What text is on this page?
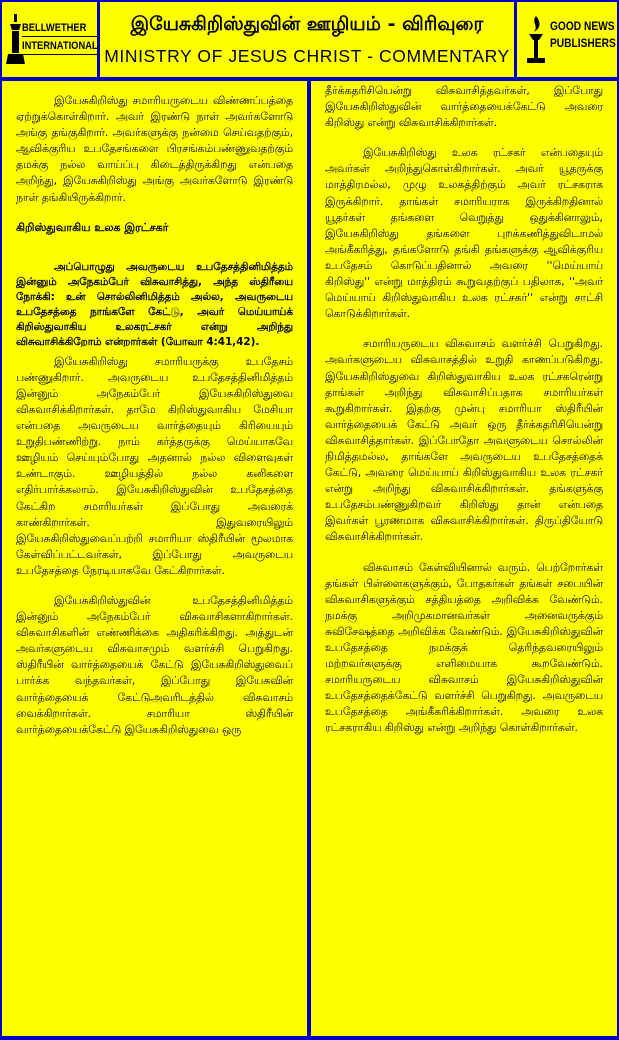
BELLWETHER
INTERNATIONAL
இயேசுகிறிஸ்துவின் ஊழியம் - விரிவுரை
MINISTRY OF JESUS CHRIST - COMMENTARY
GOOD NEWS
PUBLISHERS

இயேசுகிறிஸ்து சமாரியருடைய விண்ணப்பத்தை ஏற்றுக்கொள்கிறார். அவர் இரண்டு நாள் அவர்களோடு அங்கு தங்குகிறார். அவர்களுக்கு நன்மை செய்வதற்கும், ஆவிக்குரிய உபதேசங்களை பிரசங்கம்பண்ணுவதற்கும் தமக்கு நல்ல வாய்ப்பு கிடைத்திருக்கிறது என்பதை அறிந்து, இயேசுகிறிஸ்து அங்கு அவர்களோடு இரண்டு நாள் தங்கியிருக்கிறார்.

கிறிஸ்துவாகிய உலக இரட்சகர்

அப்பொழுது அவருடைய உபதேசத்தினிமித்தம் இன்னும் அநேகம்பேர் விசுவாசித்து, அந்த ஸ்திரீயை நோக்கி: உன் சொல்லினிமித்தம் அல்ல, அவருடைய உபதேசத்தை நாங்களே கேட்டு, அவர் மெய்யாய்க் கிறிஸ்துவாகிய உலகரட்சகர் என்று அறிந்து விசுவாசிக்கிறோம் என்றார்கள் (யோவா 4:41,42).

இயேசுகிறிஸ்து சமாரியருக்கு உபதேசம் பண்ணுகிறார். அவருடைய உபதேசத்தினிமித்தம் இன்னும் அநேகம்பேர் இயேசுகிறிஸ்துவை விசுவாசிக்கிறார்கள். தாமே கிறிஸ்துவாகிய மேசியா என்பதை அவருடைய வார்த்தையும் கிரியையும் உறுதிபண்ணிற்று. நாம் கர்த்தருக்கு மெய்யாகவே ஊழியம் செய்யும்போது அதனால் நல்ல விளைவுகள் உண்டாகும். ஊழியத்தில் நல்ல கனிகளை எதிர்பார்க்கலாம். இயேசுகிறிஸ்துவின் உபதேசத்தை கேட்கிற சமாரியர்கள் இப்போது அவரைக் காண்கிறார்கள். இதுவரையிலும் இயேசுகிறிஸ்துவைப்பற்றி சமாரியா ஸ்திரீயின் மூலமாக கேள்விப்பட்டவர்கள், இப்போது அவருடைய உபதேசத்தை நேரடியாகவே கேட்கிறார்கள்.

இயேசுகிறிஸ்துவின் உபதேசத்தினிமித்தம் இன்னும் அநேகம்பேர் விசுவாசிகளாகிறார்கள். விசுவாசிகளின் எண்ணிக்கை அதிகரிக்கிறது. அத்துடன் அவர்களுடைய விசுவாசமும் வளர்ச்சி பெறுகிறது. ஸ்திரீயின் வார்த்தையைக் கேட்டு இயேசுகிறிஸ்துவைப் பார்க்க வந்தவர்கள், இப்போது இயேசுவின் வார்த்தையைக் கேட்டுஅவரிடத்தில் விசுவாசம் வைக்கிறார்கள். சமாரியா ஸ்திரீயின் வார்த்தையைக்கேட்டு இயேசுகிறிஸ்துவை ஒரு

தீர்க்கதரிசியென்று விசுவாசித்தவர்கள், இப்போது இயேசுகிறிஸ்துவின் வார்த்தையைக்கேட்டு அவரை கிறிஸ்து என்று விசுவாசிக்கிறார்கள்.

இயேசுகிறிஸ்து உலக ரட்சகர் என்பதையும் அவர்கள் அறிந்துகொள்கிறார்கள். அவர் யூதருக்கு மாத்திரமல்ல, முழு உலகத்திற்கும் அவர் ரட்சகராக இருக்கிறார். தாங்கள் சமாரியராக இருக்கிறதினால் யூதர்கள் தங்களை வெறுத்து ஒதுக்கினாலும், இயேசுகிறிஸ்து தங்களை புறக்கணித்துவிடாமல் அங்கீகரித்து, தங்களோடு தங்கி தங்களுக்கு ஆவிக்குரிய உபதேசம் கொடுப்பதினால் அவரை ''மெய்யாய் கிறிஸ்து'' என்று மாத்திரம் கூறுவதற்குப் பதிலாக, ''அவர் மெய்யாய் கிறிஸ்துவாகிய உலக ரட்சகர்'' என்று சாட்சி கொடுக்கிறார்கள்.

சமாரியருடைய விசுவாசம் வளர்ச்சி பெறுகிறது. அவர்களுடைய விசுவாசத்தில் உறுதி காணப்படுகிறது. இயேசுகிறிஸ்துவை கிறிஸ்துவாகிய உலக ரட்சகரென்று தாங்கள் அறிந்து விசுவாசிப்பதாக சமாரியர்கள் கூறுகிறார்கள். இதற்கு முன்பு சமாரியா ஸ்திரீயின் வார்த்தையைக் கேட்டு அவர் ஒரு தீர்க்கதரிசியென்று விசுவாசித்தார்கள். இப்போதோ அவளுடைய சொல்லின் நிமித்தமல்ல, தாங்களே அவருடைய உபதேசத்தைக் கேட்டு, அவரை மெய்யாய் கிறிஸ்துவாகிய உலக ரட்சகர் என்று அறிந்து விசுவாசிக்கிறார்கள். தங்களுக்கு உபதேசம்பண்ணுகிறவர் கிறிஸ்து தான் என்பதை இவர்கள் பூரணமாக விசுவாசிக்கிறார்கள். திருப்தியோடு விசுவாசிக்கிறார்கள்.

விசுவாசம் கேள்வியினால் வரும். பெற்றோர்கள் தங்கள் பிள்ளைகளுக்கும், போதகர்கள் தங்கள் சபையின் விசுவாசிகளுக்கும் சத்தியத்தை அறிவிக்க வேண்டும். நமக்கு அறிமுகமானவர்கள் அனைவருக்கும் சுவிசேஷத்தை அறிவிக்க வேண்டும். இயேசுகிறிஸ்துவின் உபதேசத்தை நமக்குக் தெரிந்தவரையிலும் மற்றவர்களுக்கு எளிமையாக கூறவேண்டும். சமாரியருடைய விசுவாசம் இயேசுகிறிஸ்துவின் உபதேசத்தைக்கேட்டு வளர்ச்சி பெறுகிறது. அவருடைய உபதேசத்தை அங்கீகரிக்கிறார்கள். அவரை உலக ரட்சகராகிய கிறிஸ்து என்று அறிந்து கொள்கிறார்கள்.
